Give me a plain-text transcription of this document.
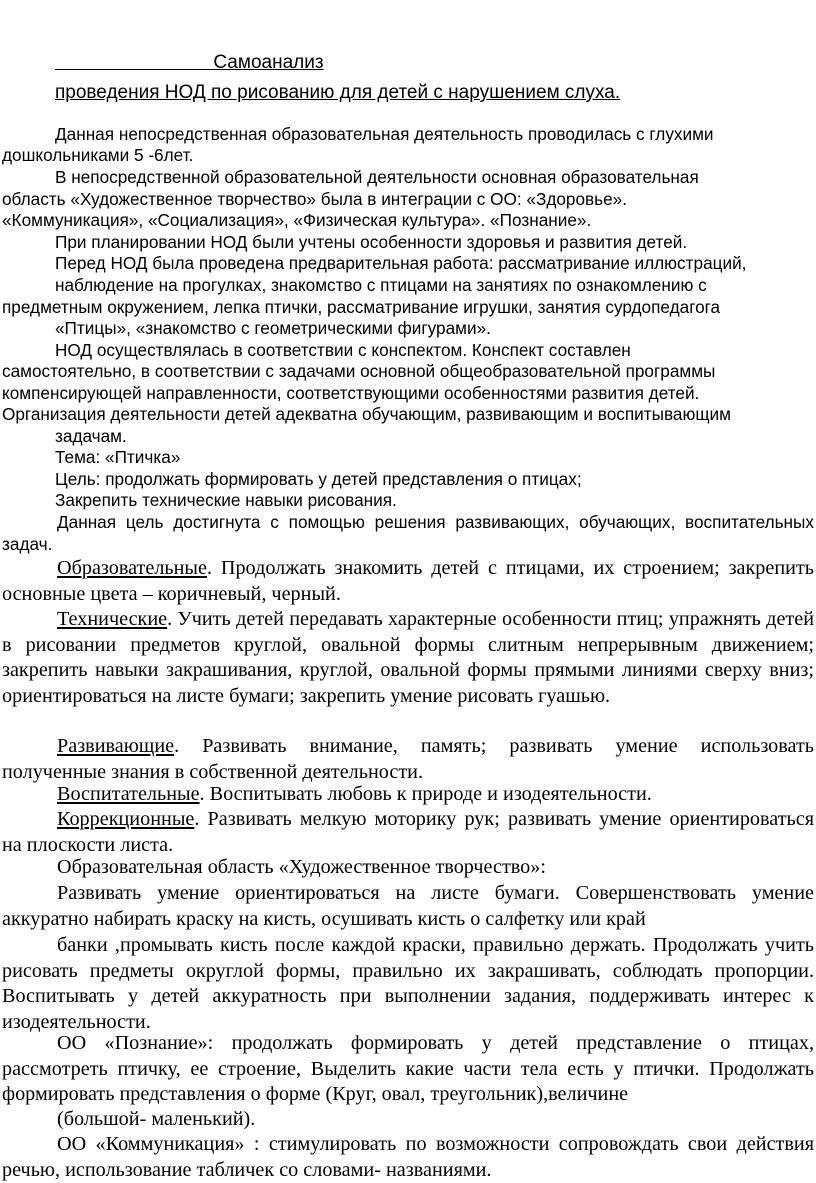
Самоанализ
проведения НОД по рисованию для детей с нарушением слуха.
Данная непосредственная образовательная деятельность проводилась с глухими
дошкольниками 5 -6лет.
В непосредственной образовательной деятельности основная образовательная
область «Художественное творчество» была в интеграции с ОО: «Здоровье».
«Коммуникация», «Социализация», «Физическая культура». «Познание».
При планировании НОД были учтены особенности здоровья и развития детей.
Перед НОД была проведена предварительная работа: рассматривание иллюстраций,
наблюдение на прогулках, знакомство с птицами на занятиях по ознакомлению с
предметным окружением, лепка птички, рассматривание игрушки, занятия сурдопедагога
«Птицы», «знакомство с геометрическими фигурами».
НОД осуществлялась в соответствии с конспектом. Конспект составлен
самостоятельно, в соответствии с задачами основной общеобразовательной программы
компенсирующей направленности, соответствующими особенностями развития детей.
Организация деятельности детей адекватна обучающим, развивающим и воспитывающим
задачам.
Тема: «Птичка»
Цель: продолжать формировать у детей представления о птицах;
Закрепить технические навыки рисования.
Данная цель достигнута с помощью решения развивающих, обучающих, воспитательных задач.
Образовательные. Продолжать знакомить детей с птицами, их строением; закрепить основные цвета – коричневый, черный.
Технические. Учить детей передавать характерные особенности птиц; упражнять детей в рисовании предметов круглой, овальной формы слитным непрерывным движением; закрепить навыки закрашивания, круглой, овальной формы прямыми линиями сверху вниз; ориентироваться на листе бумаги; закрепить умение рисовать гуашью.
Развивающие. Развивать внимание, память; развивать умение использовать полученные знания в собственной деятельности.
Воспитательные. Воспитывать любовь к природе и изодеятельности.
Коррекционные. Развивать мелкую моторику рук; развивать умение ориентироваться на плоскости листа.
Образовательная область «Художественное творчество»:
Развивать умение ориентироваться на листе бумаги. Совершенствовать умение аккуратно набирать краску на кисть, осушивать кисть о салфетку или край
банки ,промывать кисть после каждой краски, правильно держать. Продолжать учить рисовать предметы округлой формы, правильно их закрашивать, соблюдать пропорции. Воспитывать у детей аккуратность при выполнении задания, поддерживать интерес к изодеятельности.
ОО «Познание»: продолжать формировать у детей представление о птицах, рассмотреть птичку, ее строение, Выделить какие части тела есть у птички. Продолжать формировать представления о форме (Круг, овал, треугольник),величине
(большой- маленький).
ОО «Коммуникация» : стимулировать по возможности сопровождать свои действия речью, использование табличек со словами- названиями.
